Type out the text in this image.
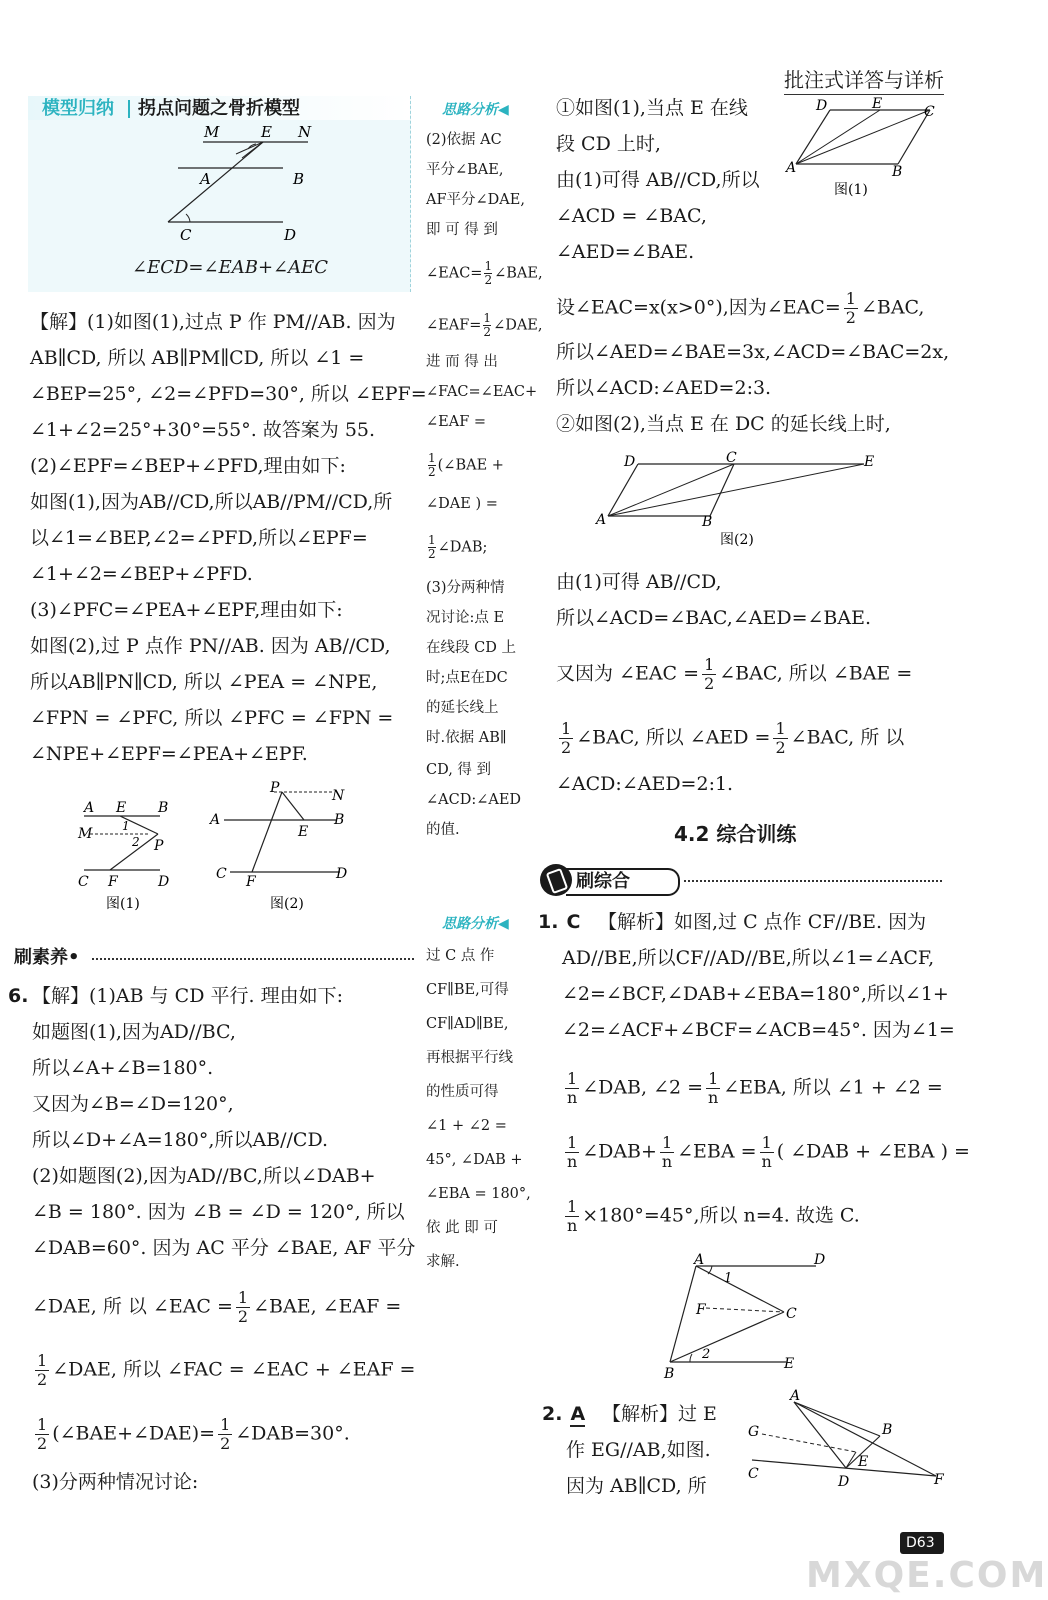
批注式详答与详析
模型归纳 拐点问题之骨折模型
M	E N
A	B
C	D
∠ECD=∠EAB+∠AEC
【解】(1)如图(1),过点 P 作 PM//AB. 因为
AB∥CD, 所以 AB∥PM∥CD, 所以 ∠1 =
∠BEP=25°, ∠2=∠PFD=30°, 所以 ∠EPF=
∠1+∠2=25°+30°=55°. 故答案为 55.
(2)∠EPF=∠BEP+∠PFD,理由如下:
如图(1),因为AB//CD,所以AB//PM//CD,所
以∠1=∠BEP,∠2=∠PFD,所以∠EPF=
∠1+∠2=∠BEP+∠PFD.
(3)∠PFC=∠PEA+∠EPF,理由如下:
如图(2),过 P 点作 PN//AB. 因为 AB//CD,
所以AB∥PN∥CD, 所以 ∠PEA = ∠NPE,
∠FPN = ∠PFC, 所以 ∠PFC = ∠FPN =
∠NPE+∠EPF=∠PEA+∠EPF.
A E B
M 1
2 P
C F	D
图(1)
P	N
A
E
B
C F	D
图(2)
思路分析◀
(2)依据 AC
平分∠BAE,
AF平分∠DAE,
即 可 得 到
∠EAC= $\frac{1}{2}$ ∠BAE,
∠EAF= $\frac{1}{2}$ ∠DAE,
进 而 得 出
∠FAC=∠EAC+
∠EAF =
$\frac{1}{2}$ (∠BAE +
∠DAE ) =
$\frac{1}{2}$ ∠DAB;
(3)分两种情
况讨论:点 E
在线段 CD 上
时;点E在DC
的延长线上
时.依据 AB∥
CD, 得 到
∠ACD:∠AED
的值.
刷素养•
6. 【解】(1)AB 与 CD 平行. 理由如下:
如题图(1),因为AD//BC,
所以∠A+∠B=180°.
又因为∠B=∠D=120°,
所以∠D+∠A=180°,所以AB//CD.
(2)如题图(2),因为AD//BC,所以∠DAB+
∠B = 180°. 因为 ∠B = ∠D = 120°, 所以
∠DAB=60°. 因为 AC 平分 ∠BAE, AF 平分
∠DAE, 所 以 ∠EAC = $\frac{1}{2}$ ∠BAE, ∠EAF =
$\frac{1}{2}$ ∠DAE, 所以 ∠FAC = ∠EAC + ∠EAF =
$\frac{1}{2}$ (∠BAE+∠DAE)= $\frac{1}{2}$ ∠DAB=30°.
(3)分两种情况讨论:
思路分析◀
过 C 点 作
CF∥BE,可得
CF∥AD∥BE,
再根据平行线
的性质可得
∠1 + ∠2 =
45°, ∠DAB +
∠EBA = 180°,
依 此 即 可
求解.
①如图(1),当点 E 在线
段 CD 上时,
由(1)可得 AB//CD,所以
∠ACD = ∠BAC,
∠AED=∠BAE.
设∠EAC=x(x>0°),因为∠EAC= $\frac{1}{2}$ ∠BAC,
所以∠AED=∠BAE=3x,∠ACD=∠BAC=2x,
所以∠ACD:∠AED=2:3.
②如图(2),当点 E 在 DC 的延长线上时,
D	E	C
A	B
图(1)
D	C	E
A	B
图(2)
由(1)可得 AB//CD,
所以∠ACD=∠BAC,∠AED=∠BAE.
又因为 ∠EAC = $\frac{1}{2}$ ∠BAC, 所以 ∠BAE =
$\frac{1}{2}$ ∠BAC, 所以 ∠AED = $\frac{1}{2}$ ∠BAC, 所 以
∠ACD:∠AED=2:1.
4.2 综合训练
刷综合
1. C 【解析】如图,过 C 点作 CF//BE. 因为
AD//BE,所以CF//AD//BE,所以∠1=∠ACF,
∠2=∠BCF,∠DAB+∠EBA=180°,所以∠1+
∠2=∠ACF+∠BCF=∠ACB=45°. 因为∠1=
$\frac{1}{n}$ ∠DAB, ∠2 = $\frac{1}{n}$ ∠EBA, 所以 ∠1 + ∠2 =
$\frac{1}{n}$ ∠DAB+ $\frac{1}{n}$ ∠EBA = $\frac{1}{n}$ ( ∠DAB + ∠EBA ) =
$\frac{1}{n} \times 180^\circ=45^\circ$,所以 n=4. 故选 C.
A	D
1
F	C
2
B
E
2. A 【解析】过 E
作 EG//AB,如图.
因为 AB∥CD, 所
A
G	B
E
C	D	F
D63
MXQE.COM
